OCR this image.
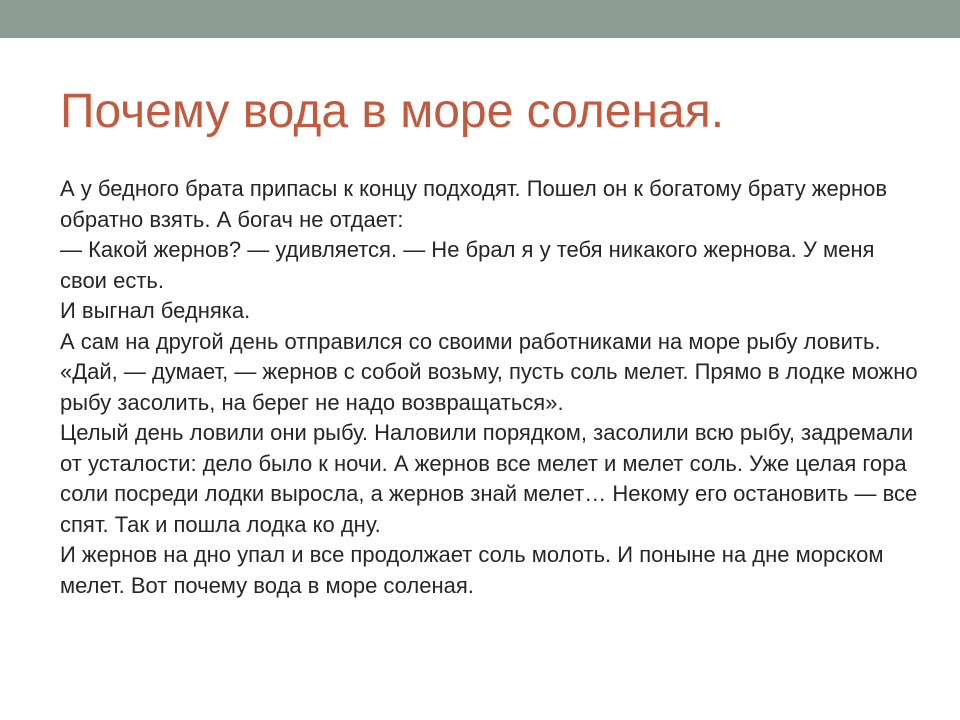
Почему вода в море соленая.

А у бедного брата припасы к концу подходят. Пошел он к богатому брату жернов обратно взять. А богач не отдает:

— Какой жернов? — удивляется. — Не брал я у тебя никакого жернова. У меня свои есть.

И выгнал бедняка.

А сам на другой день отправился со своими работниками на море рыбу ловить. «Дай, — думает, — жернов с собой возьму, пусть соль мелет. Прямо в лодке можно рыбу засолить, на берег не надо возвращаться».

Целый день ловили они рыбу. Наловили порядком, засолили всю рыбу, задремали от усталости: дело было к ночи. А жернов все мелет и мелет соль. Уже целая гора соли посреди лодки выросла, а жернов знай мелет… Некому его остановить — все спят. Так и пошла лодка ко дну.

И жернов на дно упал и все продолжает соль молоть. И поныне на дне морском мелет. Вот почему вода в море соленая.
